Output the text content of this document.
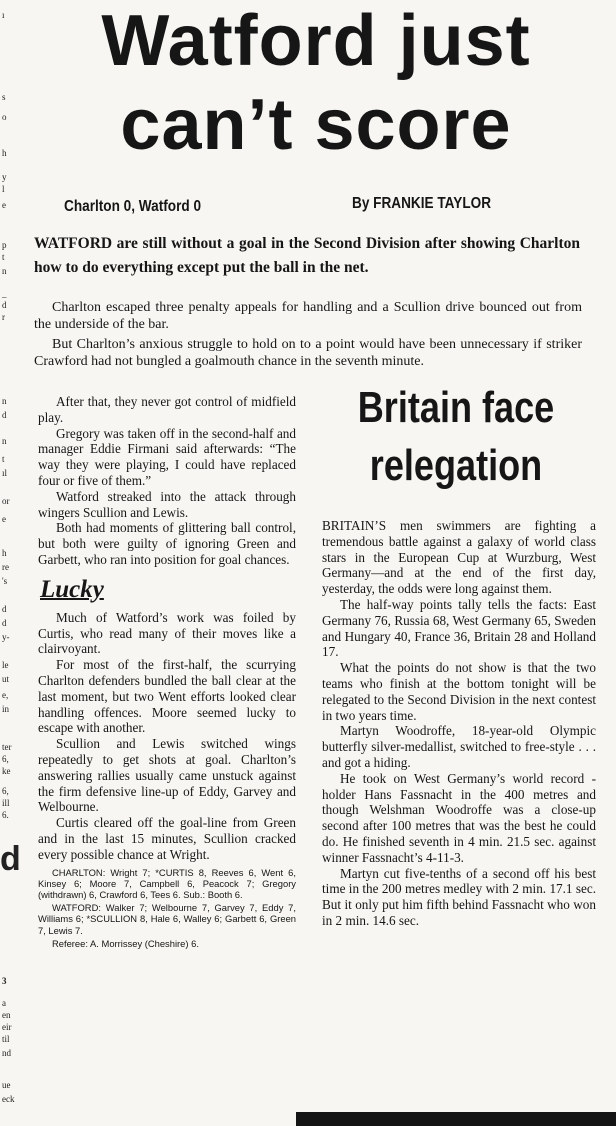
ı
s
o
h
y
l
e
p
t
n
–
d
r
n
d
n
t
ıl
or
e
h
re
's
d
d
y-
le
ut
e,
in
ter
6,
ke
6,
ill
6.
d
3
a
en
eir
til
nd
ue
eck
Watford just
can’t score
Charlton 0, Watford 0	By FRANKIE TAYLOR

WATFORD are still without a goal in the Second Division after showing Charlton how to do everything except put the ball in the net.

Charlton escaped three penalty appeals for handling and a Scullion drive bounced out from the underside of the bar.

But Charlton’s anxious struggle to hold on to a point would have been unnecessary if striker Crawford had not bungled a goalmouth chance in the seventh minute.

After that, they never got control of midfield play.

Gregory was taken off in the second-half and manager Eddie Firmani said afterwards: “The way they were playing, I could have replaced four or five of them.”

Watford streaked into the attack through wingers Scullion and Lewis.

Both had moments of glittering ball control, but both were guilty of ignoring Green and Garbett, who ran into position for goal chances.

Lucky

Much of Watford’s work was foiled by Curtis, who read many of their moves like a clairvoyant.

For most of the first-half, the scurrying Charlton defenders bundled the ball clear at the last moment, but two Went efforts looked clear handling offences. Moore seemed lucky to escape with another.

Scullion and Lewis switched wings repeatedly to get shots at goal. Charlton’s answering rallies usually came unstuck against the firm defensive line-up of Eddy, Garvey and Welbourne.

Curtis cleared off the goal-line from Green and in the last 15 minutes, Scullion cracked every possible chance at Wright.

CHARLTON: Wright 7; *CURTIS 8, Reeves 6, Went 6, Kinsey 6; Moore 7, Campbell 6, Peacock 7; Gregory (withdrawn) 6, Crawford 6, Tees 6. Sub.: Booth 6.

WATFORD: Walker 7; Welbourne 7, Garvey 7, Eddy 7, Williams 6; *SCULLION 8, Hale 6, Walley 6; Garbett 6, Green 7, Lewis 7.

Referee: A. Morrissey (Cheshire) 6.

Britain face
relegation

BRITAIN’S men swimmers are fighting a tremendous battle against a galaxy of world class stars in the European Cup at Wurzburg, West Germany—and at the end of the first day, yesterday, the odds were long against them.

The half-way points tally tells the facts: East Germany 76, Russia 68, West Germany 65, Sweden and Hungary 40, France 36, Britain 28 and Holland 17.

What the points do not show is that the two teams who finish at the bottom tonight will be relegated to the Second Division in the next contest in two years time.

Martyn Woodroffe, 18-year-old Olympic butterfly silver-medallist, switched to free-style . . . and got a hiding.

He took on West Germany’s world record - holder Hans Fassnacht in the 400 metres and though Welshman Woodroffe was a close-up second after 100 metres that was the best he could do. He finished seventh in 4 min. 21.5 sec. against winner Fassnacht’s 4-11-3.

Martyn cut five-tenths of a second off his best time in the 200 metres medley with 2 min. 17.1 sec. But it only put him fifth behind Fassnacht who won in 2 min. 14.6 sec.
